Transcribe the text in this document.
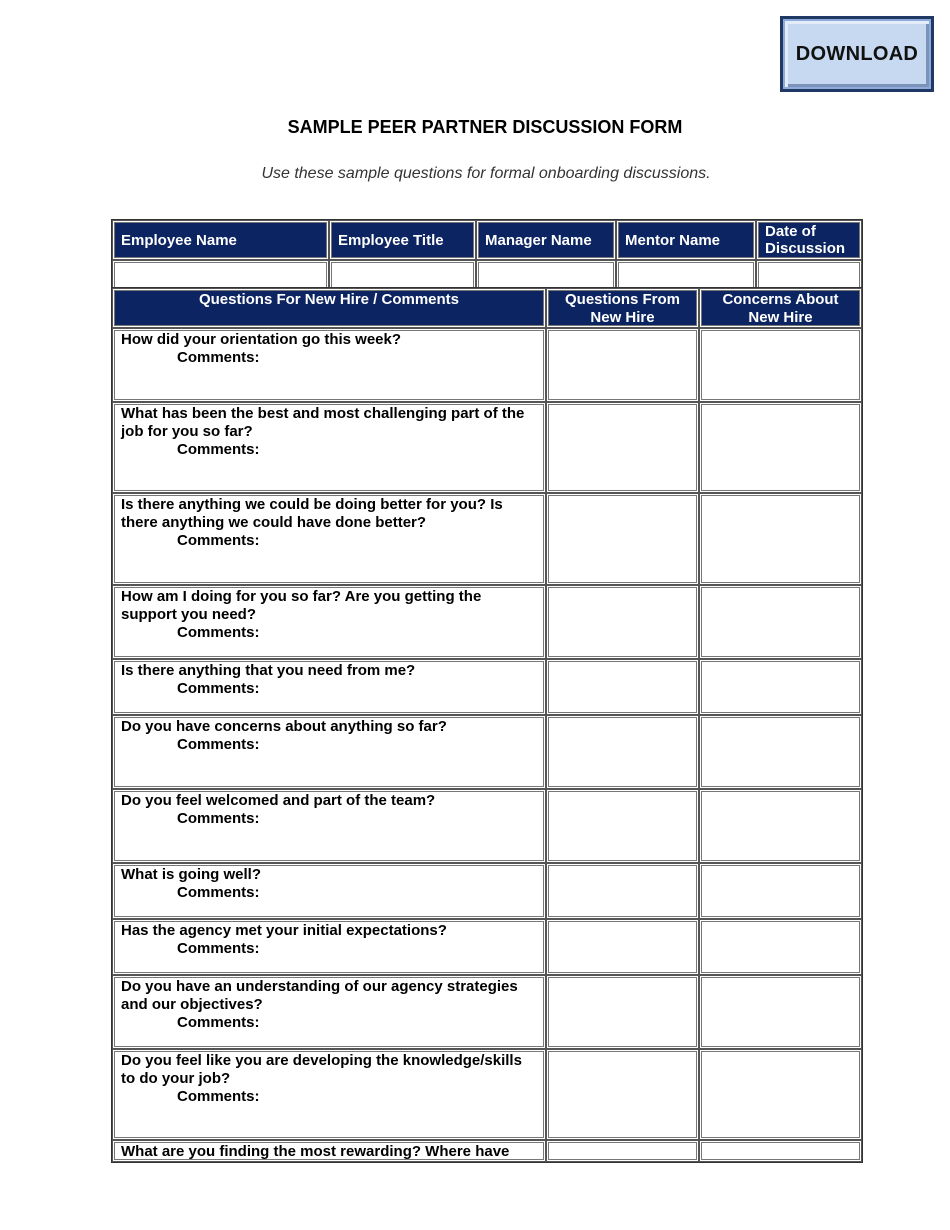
DOWNLOAD
SAMPLE PEER PARTNER DISCUSSION FORM
Use these sample questions for formal onboarding discussions.
Employee Name	Employee Title	Manager Name	Mentor Name	Date of Discussion

Questions For New Hire / Comments	Questions From New Hire	Concerns About New Hire
How did your orientation go this week?
Comments:		

What has been the best and most challenging part of the job for you so far?
Comments:		

Is there anything we could be doing better for you? Is there anything we could have done better?
Comments:		

How am I doing for you so far? Are you getting the support you need?
Comments:		

Is there anything that you need from me?
Comments:		

Do you have concerns about anything so far?
Comments:		

Do you feel welcomed and part of the team?
Comments:		

What is going well?
Comments:		

Has the agency met your initial expectations?
Comments:		

Do you have an understanding of our agency strategies and our objectives?
Comments:		

Do you feel like you are developing the knowledge/skills to do your job?
Comments:		

What are you finding the most rewarding? Where have		
